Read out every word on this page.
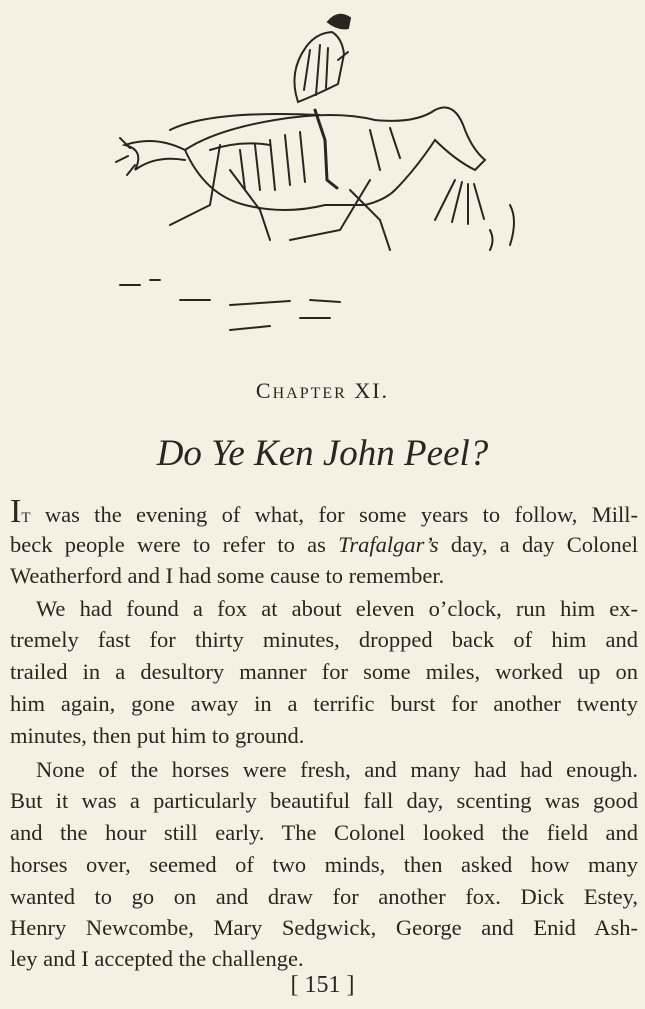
CHAPTER XI.
Do Ye Ken John Peel?
IT was the evening of what, for some years to follow, Mill-
beck people were to refer to as Trafalgar’s day, a day Colonel
Weatherford and I had some cause to remember.
We had found a fox at about eleven o’clock, run him ex-
tremely fast for thirty minutes, dropped back of him and
trailed in a desultory manner for some miles, worked up on
him again, gone away in a terrific burst for another twenty
minutes, then put him to ground.
None of the horses were fresh, and many had had enough.
But it was a particularly beautiful fall day, scenting was good
and the hour still early. The Colonel looked the field and
horses over, seemed of two minds, then asked how many
wanted to go on and draw for another fox. Dick Estey,
Henry Newcombe, Mary Sedgwick, George and Enid Ash-
ley and I accepted the challenge.
[ 151 ]
